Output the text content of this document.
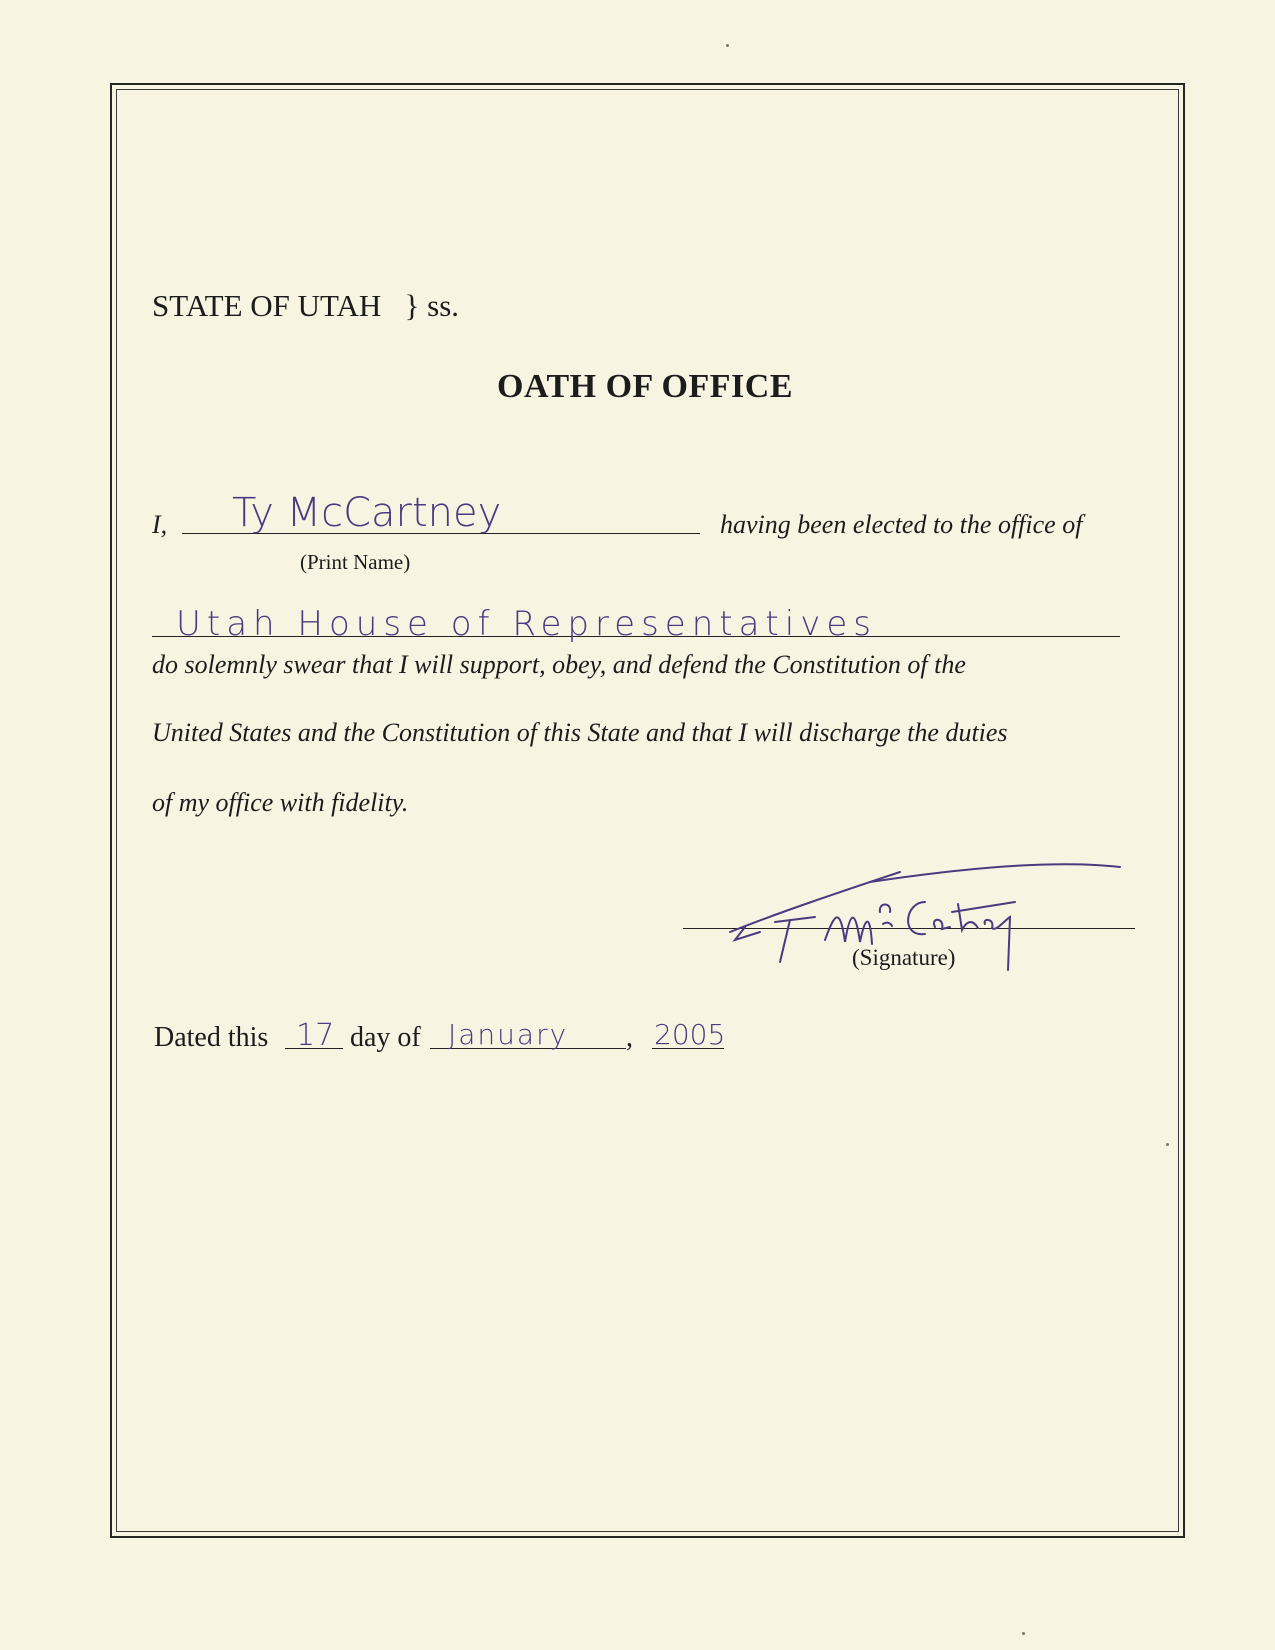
STATE OF UTAH } ss.
OATH OF OFFICE
I, Ty McCartney
(Print Name)
having been elected to the office of
Utah House of Representatives
do solemnly swear that I will support, obey, and defend the Constitution of the
United States and the Constitution of this State and that I will discharge the duties
of my office with fidelity.
(Signature)
Dated this 17 day of January , 2005
